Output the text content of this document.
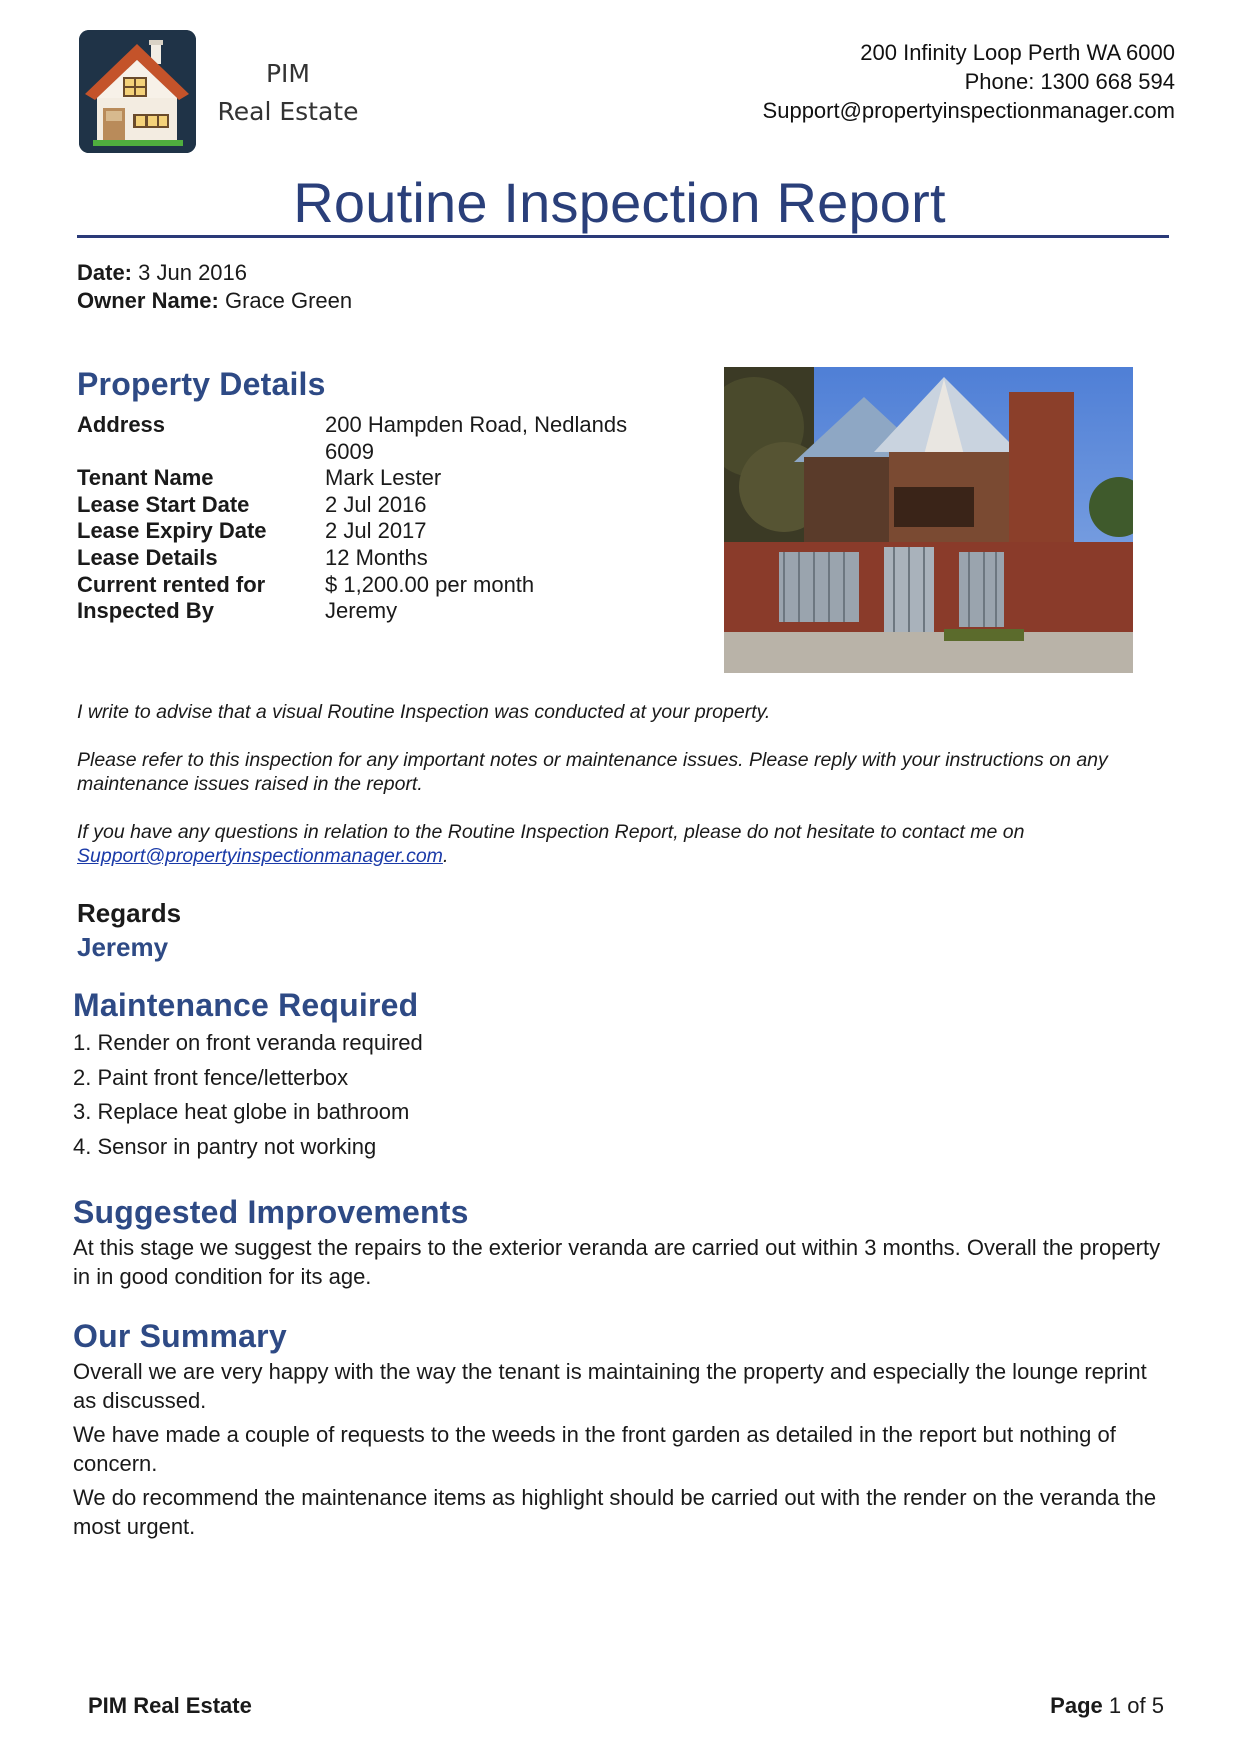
PIM
Real Estate
200 Infinity Loop Perth WA 6000
Phone: 1300 668 594
Support@propertyinspectionmanager.com
Routine Inspection Report
Date: 3 Jun 2016
Owner Name: Grace Green
Property Details
Address	200 Hampden Road, Nedlands 6009
Tenant Name	Mark Lester
Lease Start Date	2 Jul 2016
Lease Expiry Date	2 Jul 2017
Lease Details	12 Months
Current rented for	$ 1,200.00 per month
Inspected By	Jeremy

I write to advise that a visual Routine Inspection was conducted at your property.

Please refer to this inspection for any important notes or maintenance issues. Please reply with your instructions on any maintenance issues raised in the report.

If you have any questions in relation to the Routine Inspection Report, please do not hesitate to contact me on Support@propertyinspectionmanager.com.

Regards
Jeremy
Maintenance Required
1. Render on front veranda required
2. Paint front fence/letterbox
3. Replace heat globe in bathroom
4. Sensor in pantry not working
Suggested Improvements
At this stage we suggest the repairs to the exterior veranda are carried out within 3 months. Overall the property in in good condition for its age.
Our Summary

Overall we are very happy with the way the tenant is maintaining the property and especially the lounge reprint as discussed.

We have made a couple of requests to the weeds in the front garden as detailed in the report but nothing of concern.

We do recommend the maintenance items as highlight should be carried out with the render on the veranda the most urgent.

PIM Real Estate	Page 1 of 5
